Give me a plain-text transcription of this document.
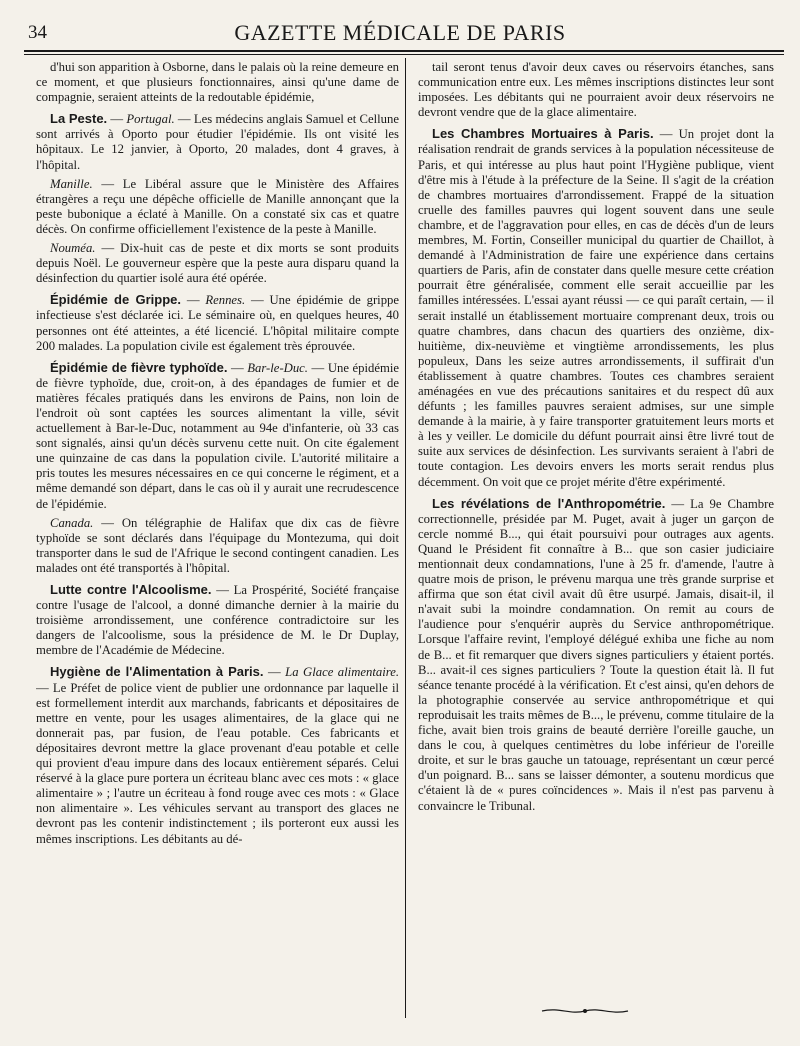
34	GAZETTE MÉDICALE DE PARIS

d'hui son apparition à Osborne, dans le palais où la reine demeure en ce moment, et que plusieurs fonctionnaires, ainsi qu'une dame de compagnie, seraient atteints de la redoutable épidémie,

La Peste. — Portugal. — Les médecins anglais Samuel et Cellune sont arrivés à Oporto pour étudier l'épidémie. Ils ont visité les hôpitaux. Le 12 janvier, à Oporto, 20 malades, dont 4 graves, à l'hôpital.

Manille. — Le Libéral assure que le Ministère des Affaires étrangères a reçu une dépêche officielle de Manille annonçant que la peste bubonique a éclaté à Manille. On a constaté six cas et quatre décès. On confirme officiellement l'existence de la peste à Manille.

Nouméa. — Dix-huit cas de peste et dix morts se sont produits depuis Noël. Le gouverneur espère que la peste aura disparu quand la désinfection du quartier isolé aura été opérée.

Épidémie de Grippe. — Rennes. — Une épidémie de grippe infectieuse s'est déclarée ici. Le séminaire où, en quelques heures, 40 personnes ont été atteintes, a été licencié. L'hôpital militaire compte 200 malades. La population civile est également très éprouvée.

Épidémie de fièvre typhoïde. — Bar-le-Duc. — Une épidémie de fièvre typhoïde, due, croit-on, à des épandages de fumier et de matières fécales pratiqués dans les environs de Pains, non loin de l'endroit où sont captées les sources alimentant la ville, sévit actuellement à Bar-le-Duc, notamment au 94e d'infanterie, où 33 cas sont signalés, ainsi qu'un décès survenu cette nuit. On cite également une quinzaine de cas dans la population civile. L'autorité militaire a pris toutes les mesures nécessaires en ce qui concerne le régiment, et a même demandé son départ, dans le cas où il y aurait une recrudescence de l'épidémie.

Canada. — On télégraphie de Halifax que dix cas de fièvre typhoïde se sont déclarés dans l'équipage du Montezuma, qui doit transporter dans le sud de l'Afrique le second contingent canadien. Les malades ont été transportés à l'hôpital.

Lutte contre l'Alcoolisme. — La Prospérité, Société française contre l'usage de l'alcool, a donné dimanche dernier à la mairie du troisième arrondissement, une conférence contradictoire sur les dangers de l'alcoolisme, sous la présidence de M. le Dr Duplay, membre de l'Académie de Médecine.

Hygiène de l'Alimentation à Paris. — La Glace alimentaire. — Le Préfet de police vient de publier une ordonnance par laquelle il est formellement interdit aux marchands, fabricants et dépositaires de mettre en vente, pour les usages alimentaires, de la glace qui ne donnerait pas, par fusion, de l'eau potable. Ces fabricants et dépositaires devront mettre la glace provenant d'eau potable et celle qui provient d'eau impure dans des locaux entièrement séparés. Celui réservé à la glace pure portera un écriteau blanc avec ces mots : « glace alimentaire » ; l'autre un écriteau à fond rouge avec ces mots : « Glace non alimentaire ». Les véhicules servant au transport des glaces ne devront pas les contenir indistinctement ; ils porteront eux aussi les mêmes inscriptions. Les débitants au dé-

tail seront tenus d'avoir deux caves ou réservoirs étanches, sans communication entre eux. Les mêmes inscriptions distinctes leur sont imposées. Les débitants qui ne pourraient avoir deux réservoirs ne devront vendre que de la glace alimentaire.

Les Chambres Mortuaires à Paris. — Un projet dont la réalisation rendrait de grands services à la population nécessiteuse de Paris, et qui intéresse au plus haut point l'Hygiène publique, vient d'être mis à l'étude à la préfecture de la Seine. Il s'agit de la création de chambres mortuaires d'arrondissement. Frappé de la situation cruelle des familles pauvres qui logent souvent dans une seule chambre, et de l'aggravation pour elles, en cas de décès d'un de leurs membres, M. Fortin, Conseiller municipal du quartier de Chaillot, à demandé à l'Administration de faire une expérience dans certains quartiers de Paris, afin de constater dans quelle mesure cette création pourrait être généralisée, comment elle serait accueillie par les familles intéressées. L'essai ayant réussi — ce qui paraît certain, — il serait installé un établissement mortuaire comprenant deux, trois ou quatre chambres, dans chacun des quartiers des onzième, dix-huitième, dix-neuvième et vingtième arrondissements, les plus populeux, Dans les seize autres arrondissements, il suffirait d'un établissement à quatre chambres. Toutes ces chambres seraient aménagées en vue des précautions sanitaires et du respect dû aux défunts ; les familles pauvres seraient admises, sur une simple demande à la mairie, à y faire transporter gratuitement leurs morts et à les y veiller. Le domicile du défunt pourrait ainsi être livré tout de suite aux services de désinfection. Les survivants seraient à l'abri de toute contagion. Les devoirs envers les morts serait rendus plus décemment. On voit que ce projet mérite d'être expérimenté.

Les révélations de l'Anthropométrie. — La 9e Chambre correctionnelle, présidée par M. Puget, avait à juger un garçon de cercle nommé B..., qui était poursuivi pour outrages aux agents. Quand le Président fit connaître à B... que son casier judiciaire mentionnait deux condamnations, l'une à 25 fr. d'amende, l'autre à quatre mois de prison, le prévenu marqua une très grande surprise et affirma que son état civil avait dû être usurpé. Jamais, disait-il, il n'avait subi la moindre condamnation. On remit au cours de l'audience pour s'enquérir auprès du Service anthropométrique. Lorsque l'affaire revint, l'employé délégué exhiba une fiche au nom de B... et fit remarquer que divers signes particuliers y étaient portés. B... avait-il ces signes particuliers ? Toute la question était là. Il fut séance tenante procédé à la vérification. Et c'est ainsi, qu'en dehors de la photographie conservée au service anthropométrique et qui reproduisait les traits mêmes de B..., le prévenu, comme titulaire de la fiche, avait bien trois grains de beauté derrière l'oreille gauche, un dans le cou, à quelques centimètres du lobe inférieur de l'oreille droite, et sur le bras gauche un tatouage, représentant un cœur percé d'un poignard. B... sans se laisser démonter, a soutenu mordicus que c'étaient là de « pures coïncidences ». Mais il n'est pas parvenu à convaincre le Tribunal.
